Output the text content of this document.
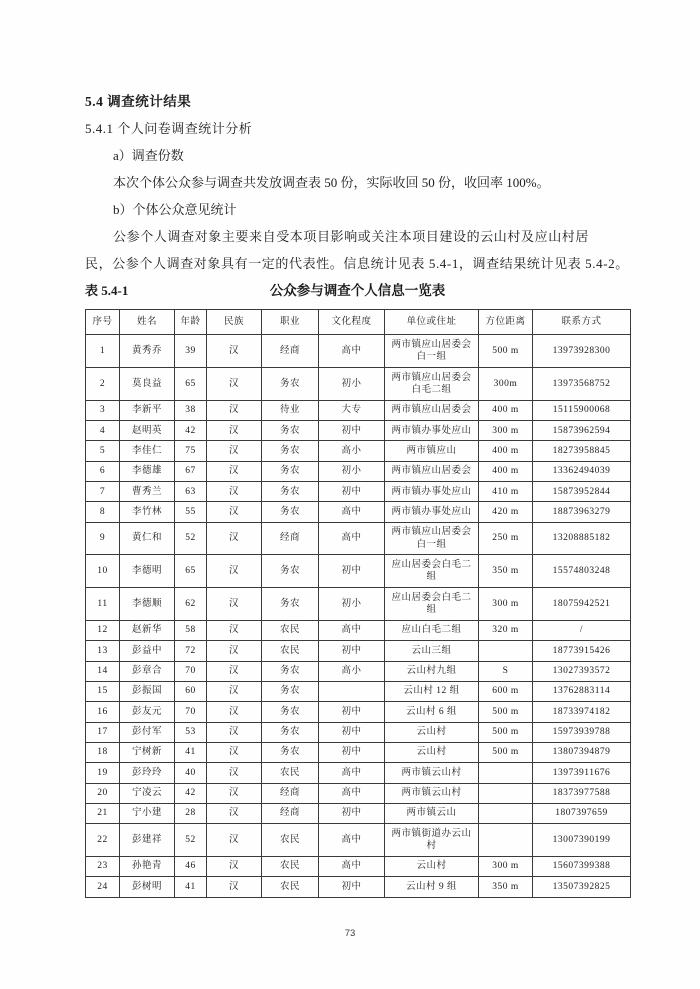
5.4 调查统计结果

5.4.1 个人问卷调查统计分析

a）调查份数

本次个体公众参与调查共发放调查表 50 份，实际收回 50 份，收回率 100%。

b）个体公众意见统计

公参个人调查对象主要来自受本项目影响或关注本项目建设的云山村及应山村居

民，公参个人调查对象具有一定的代表性。信息统计见表 5.4-1，调查结果统计见表 5.4-2。

表 5.4-1	公众参与调查个人信息一览表

序号	姓名	年龄	民族	职业	文化程度	单位或住址	方位距离	联系方式
1	黄秀乔	39	汉	经商	高中	两市镇应山居委会白一组	500 m	13973928300
2	莫良益	65	汉	务农	初小	两市镇应山居委会白毛二组	300m	13973568752
3	李新平	38	汉	待业	大专	两市镇应山居委会	400 m	15115900068
4	赵明英	42	汉	务农	初中	两市镇办事处应山	300 m	15873962594
5	李佳仁	75	汉	务农	高小	两市镇应山	400 m	18273958845
6	李德雄	67	汉	务农	初小	两市镇应山居委会	400 m	13362494039
7	曹秀兰	63	汉	务农	初中	两市镇办事处应山	410 m	15873952844
8	李竹林	55	汉	务农	高中	两市镇办事处应山	420 m	18873963279
9	黄仁和	52	汉	经商	高中	两市镇应山居委会白一组	250 m	13208885182
10	李德明	65	汉	务农	初中	应山居委会白毛二组	350 m	15574803248
11	李德顺	62	汉	务农	初小	应山居委会白毛二组	300 m	18075942521
12	赵新华	58	汉	农民	高中	应山白毛二组	320 m	/
13	彭益中	72	汉	农民	初中	云山三组		18773915426
14	彭章合	70	汉	务农	高小	云山村九组	S	13027393572
15	彭振国	60	汉	务农		云山村 12 组	600 m	13762883114
16	彭友元	70	汉	务农	初中	云山村 6 组	500 m	18733974182
17	彭付军	53	汉	务农	初中	云山村	500 m	15973939788
18	宁树新	41	汉	务农	初中	云山村	500 m	13807394879
19	彭玲玲	40	汉	农民	高中	两市镇云山村		13973911676
20	宁凌云	42	汉	经商	高中	两市镇云山村		18373977588
21	宁小建	28	汉	经商	初中	两市镇云山		1807397659
22	彭建祥	52	汉	农民	高中	两市镇街道办云山村		13007390199
23	孙艳青	46	汉	农民	高中	云山村	300 m	15607399388
24	彭树明	41	汉	农民	初中	云山村 9 组	350 m	13507392825
73
